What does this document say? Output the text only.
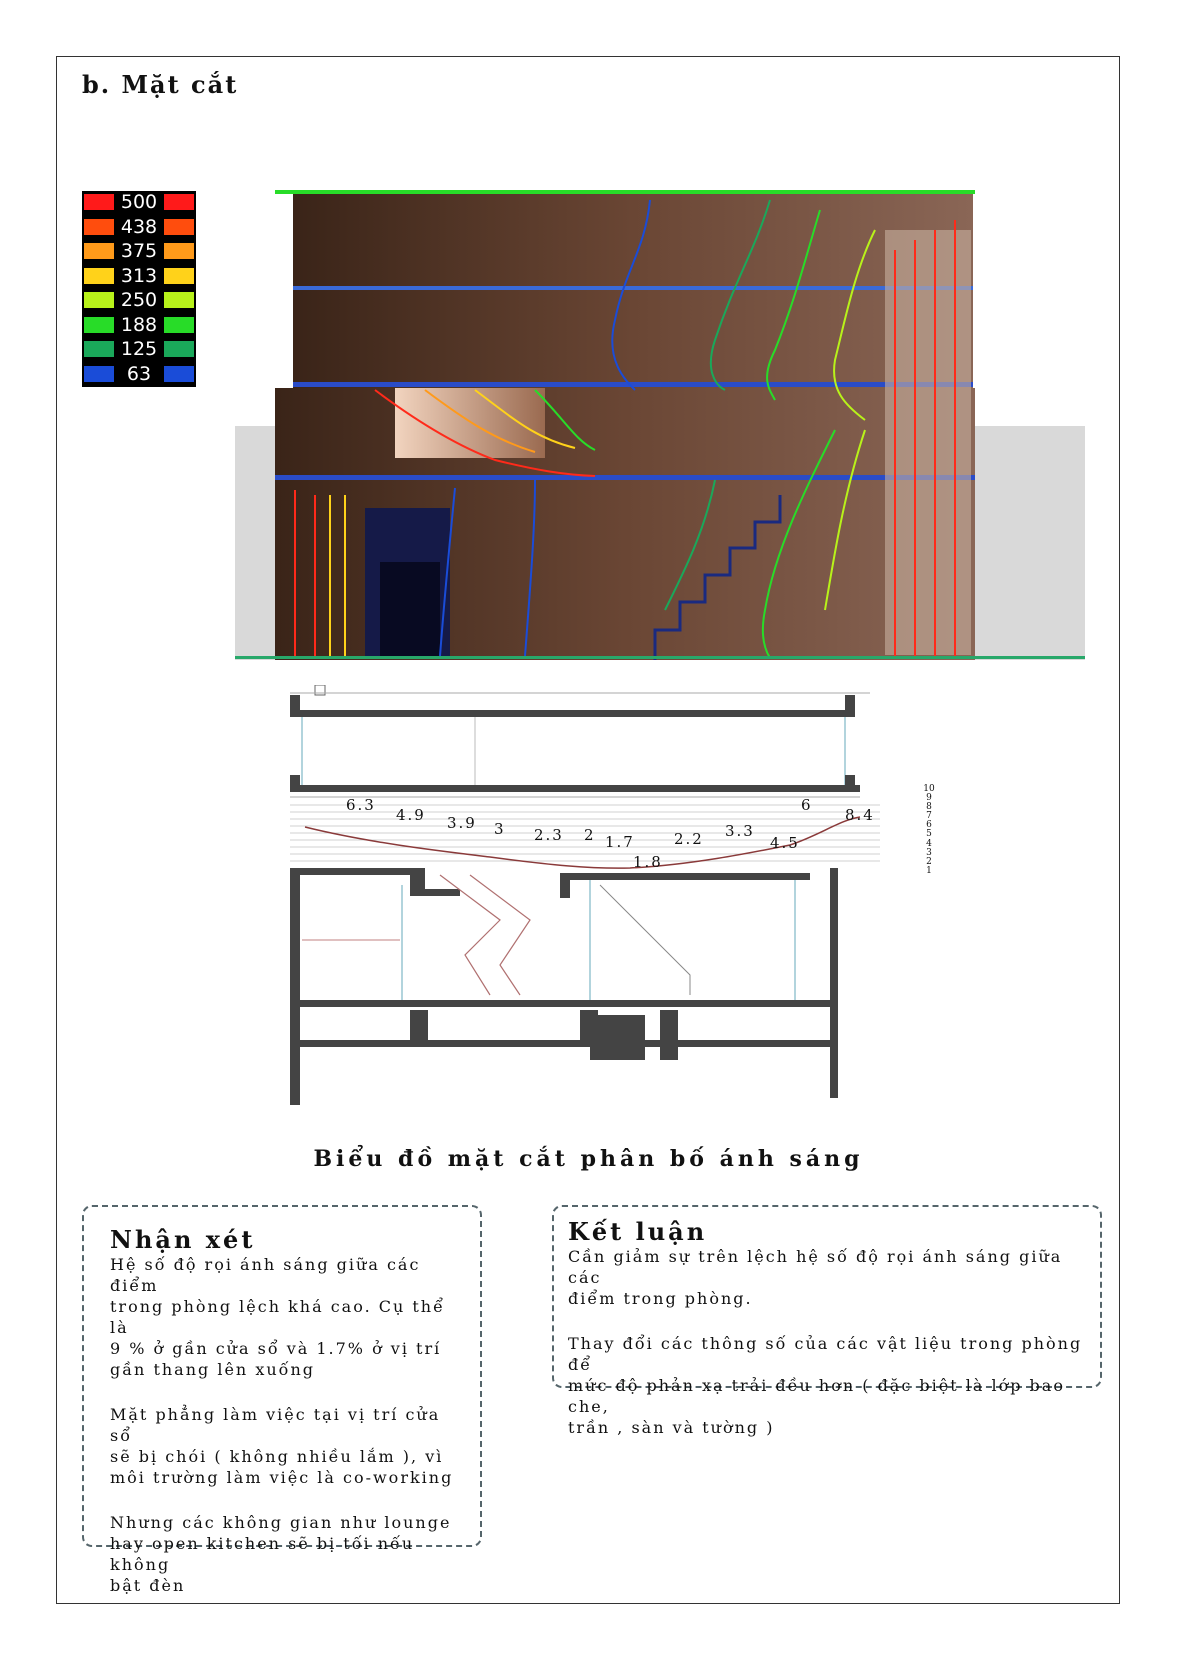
b. Mặt cắt
500
438
375
313
250
188
125
63
6.3
4.9 3.9 3 2.3 2 1.7
1.8
2.2 3.3
4.5
6
8.4
10
9
8
7
6
5
4
3
2
1
Biểu đồ mặt cắt phân bố ánh sáng
Nhận xét

Hệ số độ rọi ánh sáng giữa các điểm
trong phòng lệch khá cao. Cụ thể là
9 % ở gần cửa sổ và 1.7% ở vị trí
gần thang lên xuống

Mặt phẳng làm việc tại vị trí cửa sổ
sẽ bị chói ( không nhiều lắm ), vì
môi trường làm việc là co-working

Nhưng các không gian như lounge
hay open kitchen sẽ bị tối nếu không
bật đèn

Kết luận

Cần giảm sự trên lệch hệ số độ rọi ánh sáng giữa các
điểm trong phòng.

Thay đổi các thông số của các vật liệu trong phòng để
mức độ phản xạ trải đều hơn ( đặc biệt là lớp bao che,
trần , sàn và tường )
